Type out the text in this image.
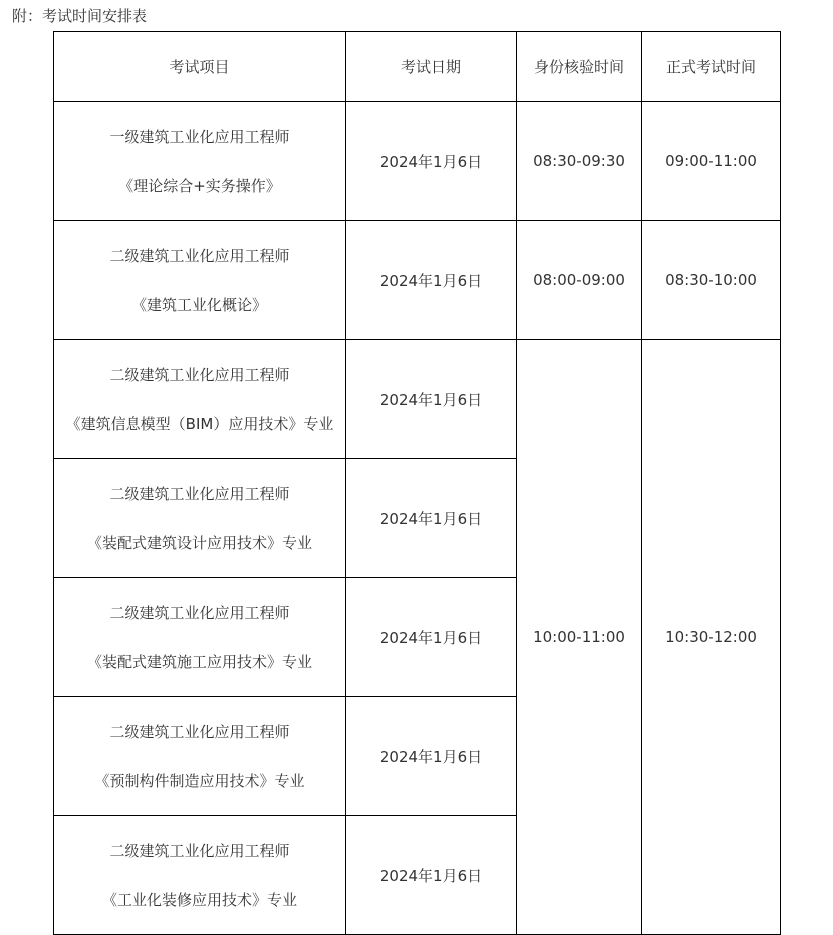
附：考试时间安排表
考试项目	考试日期	身份核验时间	正式考试时间

一级建筑工业化应用工程师
《理论综合+实务操作》	2024年1月6日	08:30-09:30	09:00-11:00

二级建筑工业化应用工程师
《建筑工业化概论》	2024年1月6日	08:00-09:00	08:30-10:00

二级建筑工业化应用工程师
《建筑信息模型（BIM）应用技术》专业	2024年1月6日	10:00-11:00	10:30-12:00

二级建筑工业化应用工程师
《装配式建筑设计应用技术》专业	2024年1月6日		

二级建筑工业化应用工程师
《装配式建筑施工应用技术》专业	2024年1月6日		

二级建筑工业化应用工程师
《预制构件制造应用技术》专业	2024年1月6日		

二级建筑工业化应用工程师
《工业化装修应用技术》专业	2024年1月6日		
